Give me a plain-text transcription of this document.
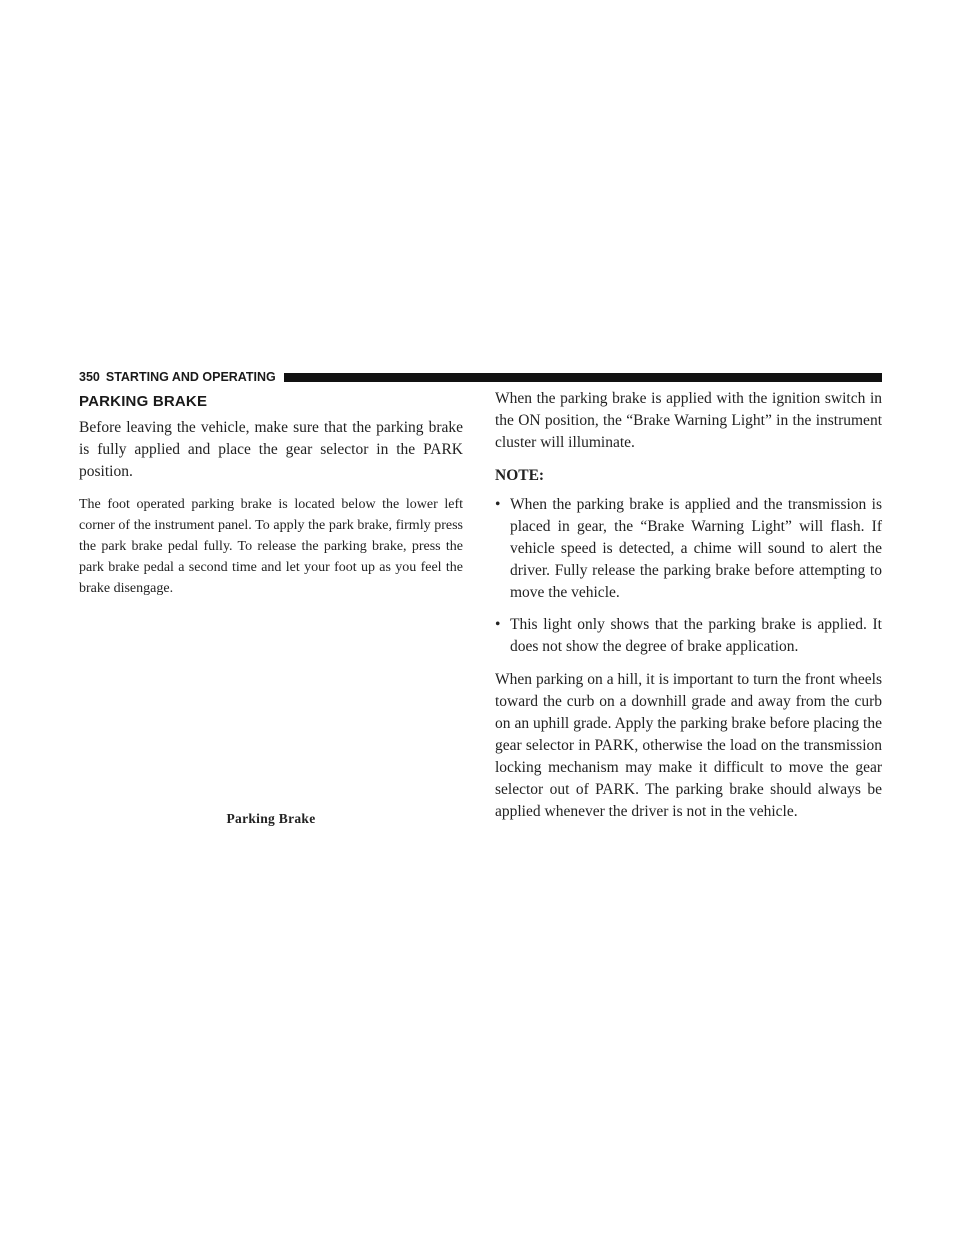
350 STARTING AND OPERATING
PARKING BRAKE

Before leaving the vehicle, make sure that the parking brake is fully applied and place the gear selector in the PARK position.

The foot operated parking brake is located below the lower left corner of the instrument panel. To apply the park brake, firmly press the park brake pedal fully. To release the parking brake, press the park brake pedal a second time and let your foot up as you feel the brake disengage.

Parking Brake

When the parking brake is applied with the ignition switch in the ON position, the “Brake Warning Light” in the instrument cluster will illuminate.

NOTE:
• When the parking brake is applied and the transmission is placed in gear, the “Brake Warning Light” will flash. If vehicle speed is detected, a chime will sound to alert the driver. Fully release the parking brake before attempting to move the vehicle.
• This light only shows that the parking brake is applied. It does not show the degree of brake application.

When parking on a hill, it is important to turn the front wheels toward the curb on a downhill grade and away from the curb on an uphill grade. Apply the parking brake before placing the gear selector in PARK, otherwise the load on the transmission locking mechanism may make it difficult to move the gear selector out of PARK. The parking brake should always be applied whenever the driver is not in the vehicle.
